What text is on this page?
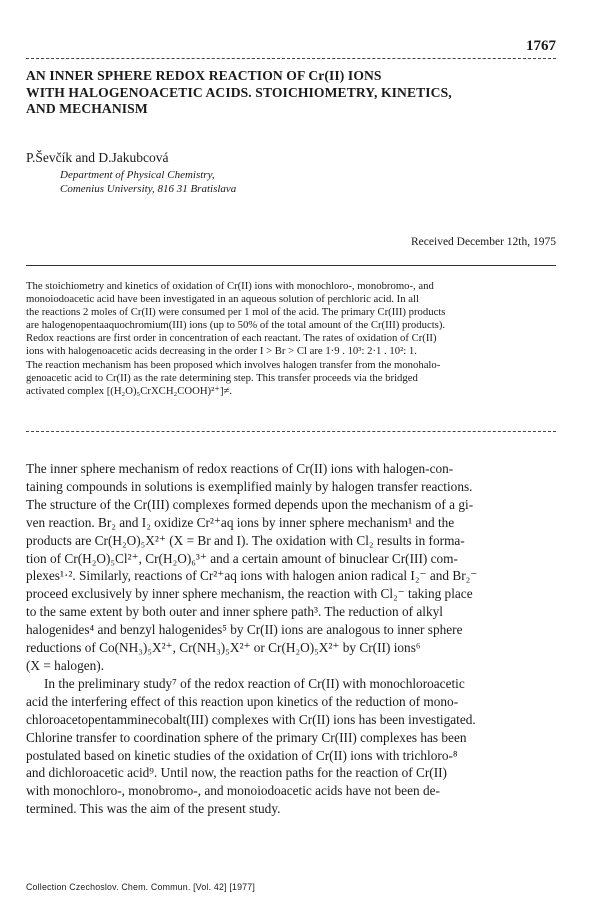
1767
AN INNER SPHERE REDOX REACTION OF Cr(II) IONS
WITH HALOGENOACETIC ACIDS. STOICHIOMETRY, KINETICS,
AND MECHANISM
P.Ševčík and D.Jakubcová
Department of Physical Chemistry,
Comenius University, 816 31 Bratislava
Received December 12th, 1975
The stoichiometry and kinetics of oxidation of Cr(II) ions with monochloro-, monobromo-, and
monoiodoacetic acid have been investigated in an aqueous solution of perchloric acid. In all
the reactions 2 moles of Cr(II) were consumed per 1 mol of the acid. The primary Cr(III) products
are halogenopentaaquochromium(III) ions (up to 50% of the total amount of the Cr(III) products).
Redox reactions are first order in concentration of each reactant. The rates of oxidation of Cr(II)
ions with halogenoacetic acids decreasing in the order I > Br > Cl are 1·9 . 10³: 2·1 . 10²: 1.
The reaction mechanism has been proposed which involves halogen transfer from the monohalo-
genoacetic acid to Cr(II) as the rate determining step. This transfer proceeds via the bridged
activated complex [(H₂O)₅CrXCH₂COOH)²⁺]≠.
The inner sphere mechanism of redox reactions of Cr(II) ions with halogen-con-
taining compounds in solutions is exemplified mainly by halogen transfer reactions.
The structure of the Cr(III) complexes formed depends upon the mechanism of a gi-
ven reaction. Br₂ and I₂ oxidize Cr²⁺aq ions by inner sphere mechanism¹ and the
products are Cr(H₂O)₅X²⁺ (X = Br and I). The oxidation with Cl₂ results in forma-
tion of Cr(H₂O)₅Cl²⁺, Cr(H₂O)₆³⁺ and a certain amount of binuclear Cr(III) com-
plexes¹·². Similarly, reactions of Cr²⁺aq ions with halogen anion radical I₂⁻ and Br₂⁻
proceed exclusively by inner sphere mechanism, the reaction with Cl₂⁻ taking place
to the same extent by both outer and inner sphere path³. The reduction of alkyl
halogenides⁴ and benzyl halogenides⁵ by Cr(II) ions are analogous to inner sphere
reductions of Co(NH₃)₅X²⁺, Cr(NH₃)₅X²⁺ or Cr(H₂O)₅X²⁺ by Cr(II) ions⁶
(X = halogen).
In the preliminary study⁷ of the redox reaction of Cr(II) with monochloroacetic
acid the interfering effect of this reaction upon kinetics of the reduction of mono-
chloroacetopentamminecobalt(III) complexes with Cr(II) ions has been investigated.
Chlorine transfer to coordination sphere of the primary Cr(III) complexes has been
postulated based on kinetic studies of the oxidation of Cr(II) ions with trichloro-⁸
and dichloroacetic acid⁹. Until now, the reaction paths for the reaction of Cr(II)
with monochloro-, monobromo-, and monoiodoacetic acids have not been de-
termined. This was the aim of the present study.
Collection Czechoslov. Chem. Commun. [Vol. 42] [1977]
